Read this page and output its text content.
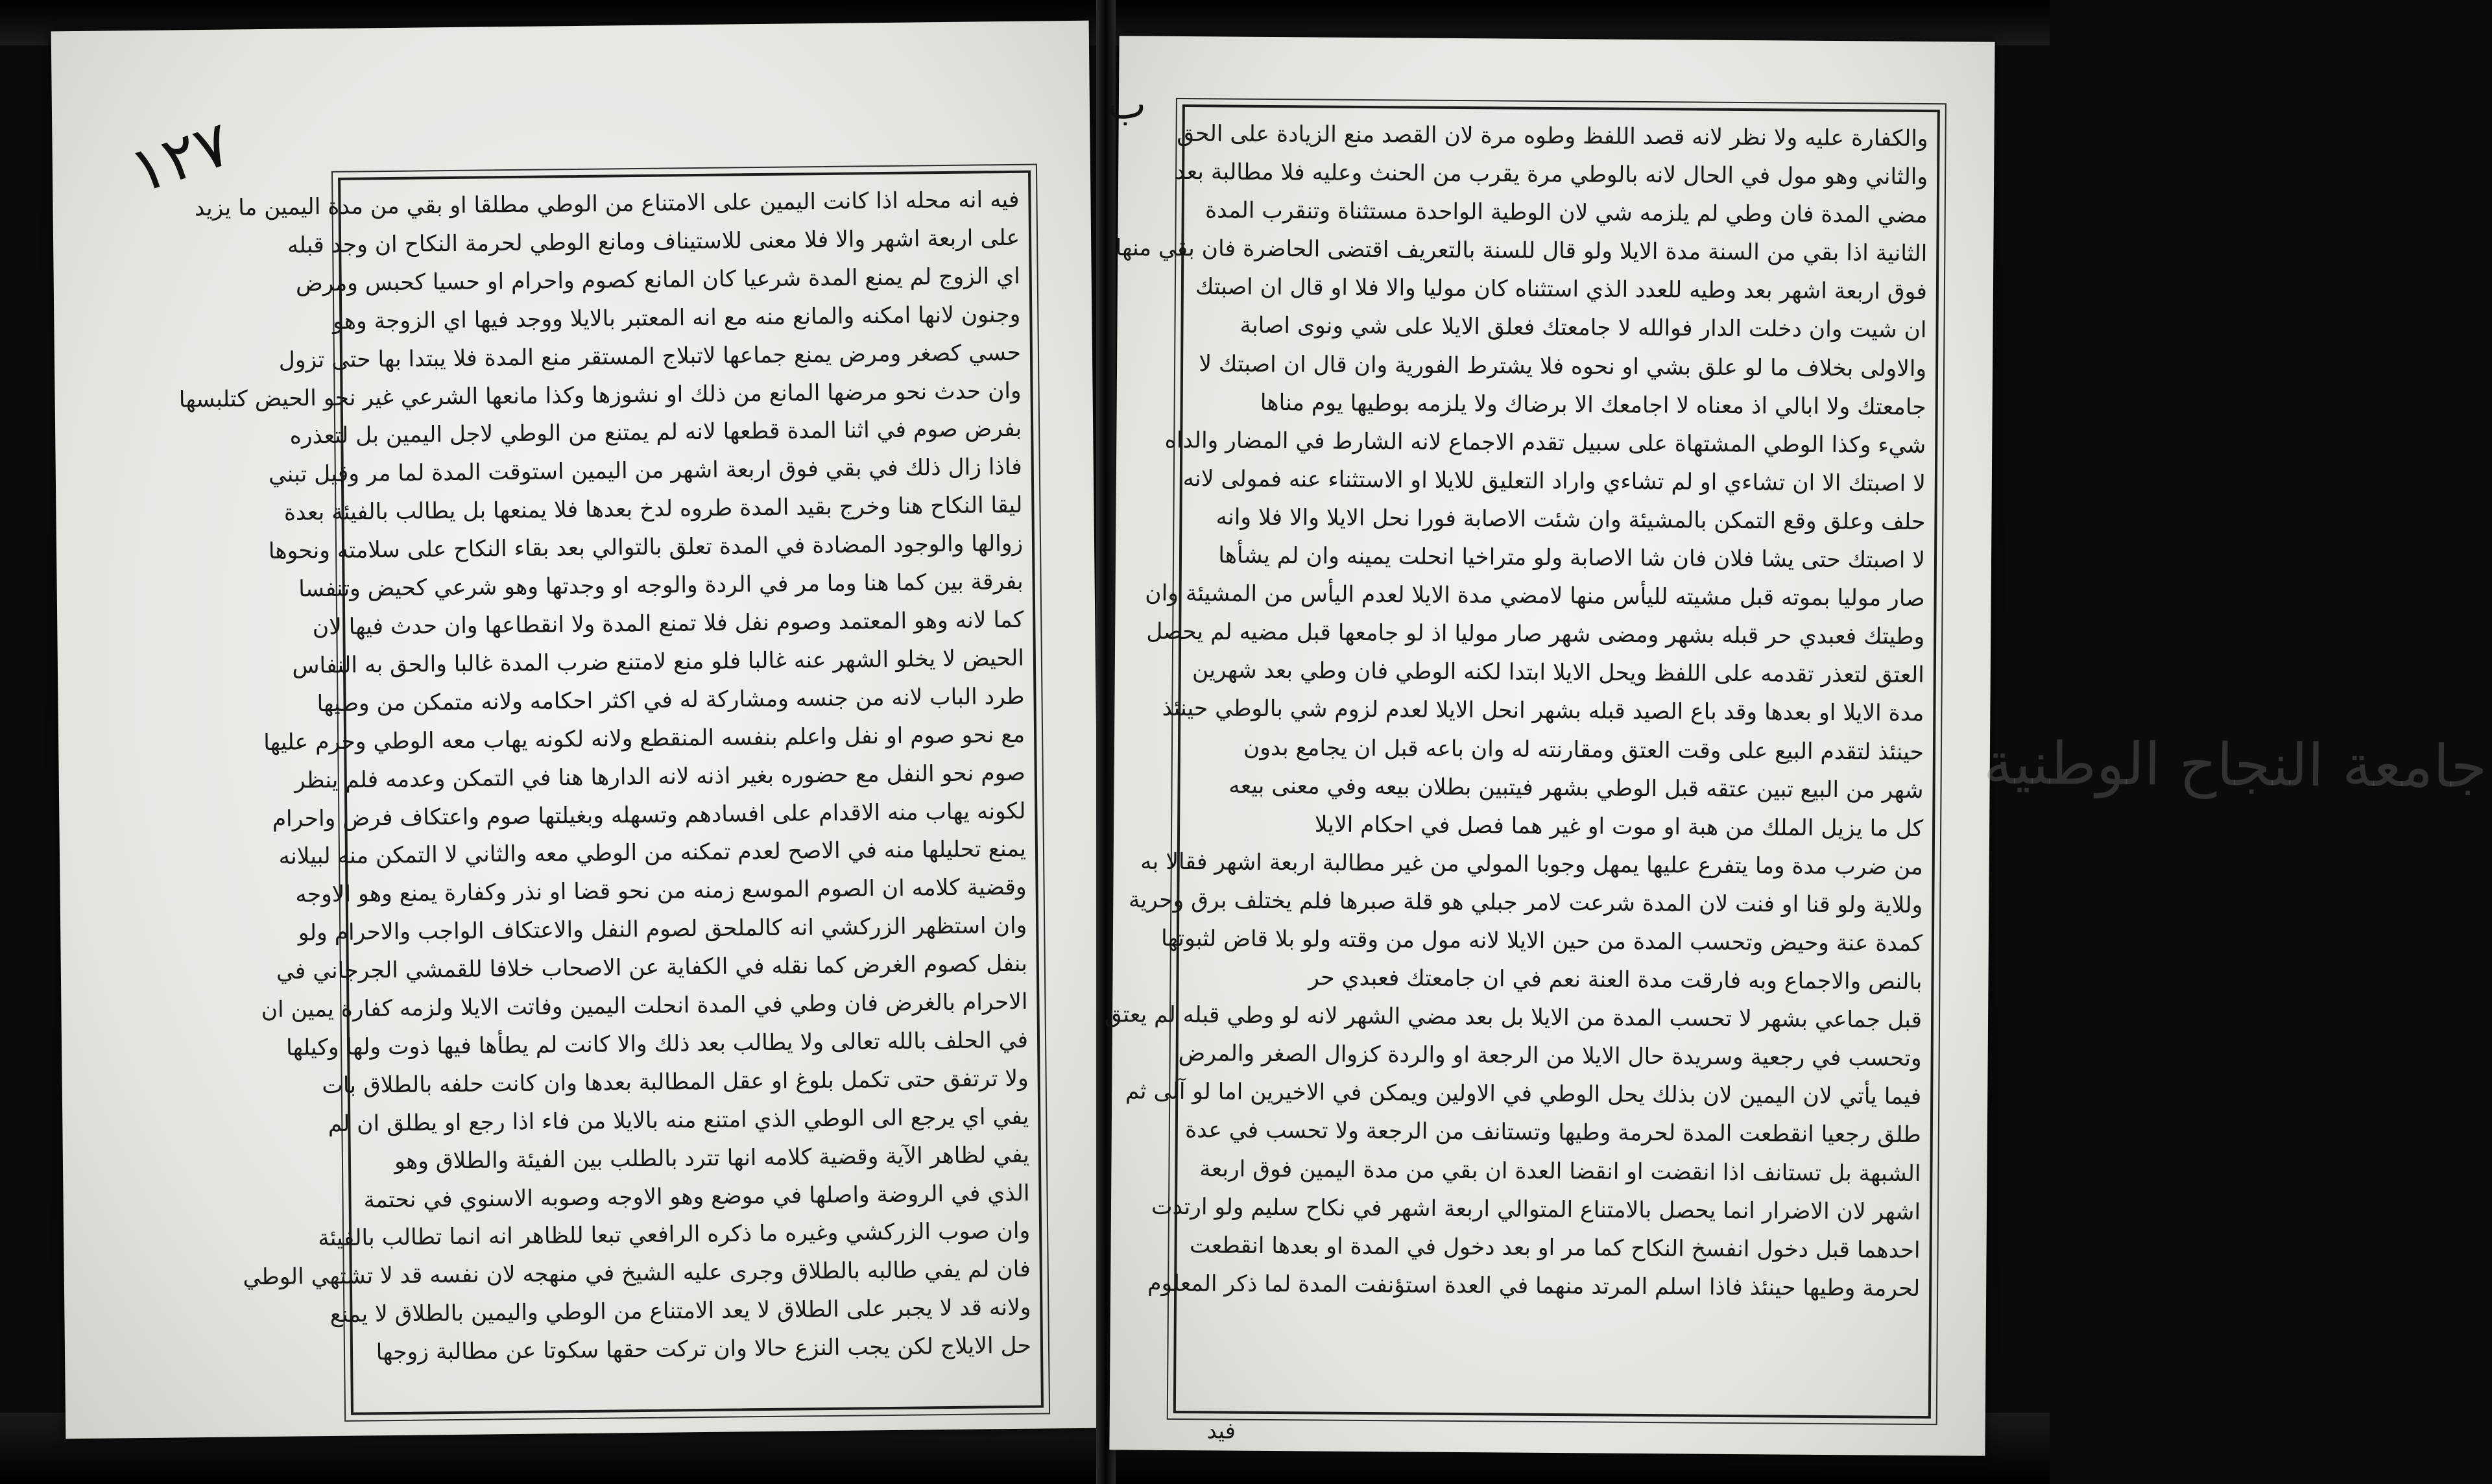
١٢٧
فيه انه محله اذا كانت اليمين على الامتناع من الوطي مطلقا او بقي من مدة اليمين ما يزيد
على اربعة اشهر والا فلا معنى للاستيناف ومانع الوطي لحرمة النكاح ان وجد قبله
اي الزوج لم يمنع المدة شرعيا كان المانع كصوم واحرام او حسيا كحبس ومرض
وجنون لانها امكنه والمانع منه مع انه المعتبر بالايلا ووجد فيها اي الزوجة وهو
حسي كصغر ومرض يمنع جماعها لاتبلاج المستقر منع المدة فلا يبتدا بها حتى تزول
وان حدث نحو مرضها المانع من ذلك او نشوزها وكذا مانعها الشرعي غير نحو الحيض كتلبسها
بفرض صوم في اثنا المدة قطعها لانه لم يمتنع من الوطي لاجل اليمين بل لتعذره
فاذا زال ذلك في بقي فوق اربعة اشهر من اليمين استوقت المدة لما مر وقيل تبني
ليقا النكاح هنا وخرج بقيد المدة طروه لدخ بعدها فلا يمنعها بل يطالب بالفيئة بعدة
زوالها والوجود المضادة في المدة تعلق بالتوالي بعد بقاء النكاح على سلامته ونحوها
بفرقة بين كما هنا وما مر في الردة والوجه او وجدتها وهو شرعي كحيض وتنفسا
كما لانه وهو المعتمد وصوم نفل فلا تمنع المدة ولا انقطاعها وان حدث فيها لان
الحيض لا يخلو الشهر عنه غالبا فلو منع لامتنع ضرب المدة غالبا والحق به النفاس
طرد الباب لانه من جنسه ومشاركة له في اكثر احكامه ولانه متمكن من وطيها
مع نحو صوم او نفل واعلم بنفسه المنقطع ولانه لكونه يهاب معه الوطي وحرم عليها
صوم نحو النفل مع حضوره بغير اذنه لانه الدارها هنا في التمكن وعدمه فلم ينظر
لكونه يهاب منه الاقدام على افسادهم وتسهله وبغيلتها صوم واعتكاف فرض واحرام
يمنع تحليلها منه في الاصح لعدم تمكنه من الوطي معه والثاني لا التمكن منه لبيلانه
وقضية كلامه ان الصوم الموسع زمنه من نحو قضا او نذر وكفارة يمنع وهو الاوجه
وان استظهر الزركشي انه كالملحق لصوم النفل والاعتكاف الواجب والاحرام ولو
بنفل كصوم الغرض كما نقله في الكفاية عن الاصحاب خلافا للقمشي الجرجاني في
الاحرام بالغرض فان وطي في المدة انحلت اليمين وفاتت الايلا ولزمه كفارة يمين ان
في الحلف بالله تعالى ولا يطالب بعد ذلك والا كانت لم يطأها فيها ذوت ولها وكيلها
ولا ترتفق حتى تكمل بلوغ او عقل المطالبة بعدها وان كانت حلفه بالطلاق بات
يفي اي يرجع الى الوطي الذي امتنع منه بالايلا من فاء اذا رجع او يطلق ان لم
يفي لظاهر الآية وقضية كلامه انها تترد بالطلب بين الفيئة والطلاق وهو
الذي في الروضة واصلها في موضع وهو الاوجه وصوبه الاسنوي في نحتمة
وان صوب الزركشي وغيره ما ذكره الرافعي تبعا للظاهر انه انما تطالب بالفيئة
فان لم يفي طالبه بالطلاق وجرى عليه الشيخ في منهجه لان نفسه قد لا تشتهي الوطي
ولانه قد لا يجبر على الطلاق لا يعد الامتناع من الوطي واليمين بالطلاق لا يمنع
حل الايلاج لكن يجب النزع حالا وان تركت حقها سكوتا عن مطالبة زوجها
ب
والكفارة عليه ولا نظر لانه قصد اللفظ وطوه مرة لان القصد منع الزيادة على الحق
والثاني وهو مول في الحال لانه بالوطي مرة يقرب من الحنث وعليه فلا مطالبة بعد
مضي المدة فان وطي لم يلزمه شي لان الوطية الواحدة مستثناة وتنقرب المدة
الثانية اذا بقي من السنة مدة الايلا ولو قال للسنة بالتعريف اقتضى الحاضرة فان بقي منها
فوق اربعة اشهر بعد وطيه للعدد الذي استثناه كان موليا والا فلا او قال ان اصبتك
ان شيت وان دخلت الدار فوالله لا جامعتك فعلق الايلا على شي ونوى اصابة
والاولى بخلاف ما لو علق بشي او نحوه فلا يشترط الفورية وان قال ان اصبتك لا
جامعتك ولا ابالي اذ معناه لا اجامعك الا برضاك ولا يلزمه بوطيها يوم مناها
شيء وكذا الوطي المشتهاة على سبيل تقدم الاجماع لانه الشارط في المضار والداه
لا اصبتك الا ان تشاءي او لم تشاءي واراد التعليق للايلا او الاستثناء عنه فمولى لانه
حلف وعلق وقع التمكن بالمشيئة وان شئت الاصابة فورا نحل الايلا والا فلا وانه
لا اصبتك حتى يشا فلان فان شا الاصابة ولو متراخيا انحلت يمينه وان لم يشأها
صار موليا بموته قبل مشيته لليأس منها لامضي مدة الايلا لعدم اليأس من المشيئة وان
وطيتك فعبدي حر قبله بشهر ومضى شهر صار موليا اذ لو جامعها قبل مضيه لم يحصل
العتق لتعذر تقدمه على اللفظ ويحل الايلا ابتدا لكنه الوطي فان وطي بعد شهرين
مدة الايلا او بعدها وقد باع الصيد قبله بشهر انحل الايلا لعدم لزوم شي بالوطي حينئذ
حينئذ لتقدم البيع على وقت العتق ومقارنته له وان باعه قبل ان يجامع بدون
شهر من البيع تبين عتقه قبل الوطي بشهر فيتبين بطلان بيعه وفي معنى بيعه
كل ما يزيل الملك من هبة او موت او غير هما فصل في احكام الايلا
من ضرب مدة وما يتفرع عليها يمهل وجوبا المولي من غير مطالبة اربعة اشهر فقالا به
وللاية ولو قنا او فنت لان المدة شرعت لامر جبلي هو قلة صبرها فلم يختلف برق وحرية
كمدة عنة وحيض وتحسب المدة من حين الايلا لانه مول من وقته ولو بلا قاض لثبوتها
بالنص والاجماع وبه فارقت مدة العنة نعم في ان جامعتك فعبدي حر
قبل جماعي بشهر لا تحسب المدة من الايلا بل بعد مضي الشهر لانه لو وطي قبله لم يعتق
وتحسب في رجعية وسريدة حال الايلا من الرجعة او والردة كزوال الصغر والمرض
فيما يأتي لان اليمين لان بذلك يحل الوطي في الاولين ويمكن في الاخيرين اما لو آلى ثم
طلق رجعيا انقطعت المدة لحرمة وطيها وتستانف من الرجعة ولا تحسب في عدة
الشبهة بل تستانف اذا انقضت او انقضا العدة ان بقي من مدة اليمين فوق اربعة
اشهر لان الاضرار انما يحصل بالامتناع المتوالي اربعة اشهر في نكاح سليم ولو ارتدت
احدهما قبل دخول انفسخ النكاح كما مر او بعد دخول في المدة او بعدها انقطعت
لحرمة وطيها حينئذ فاذا اسلم المرتد منهما في العدة استؤنفت المدة لما ذكر المعلوم
جامعة النجاح الوطنية
فيد
